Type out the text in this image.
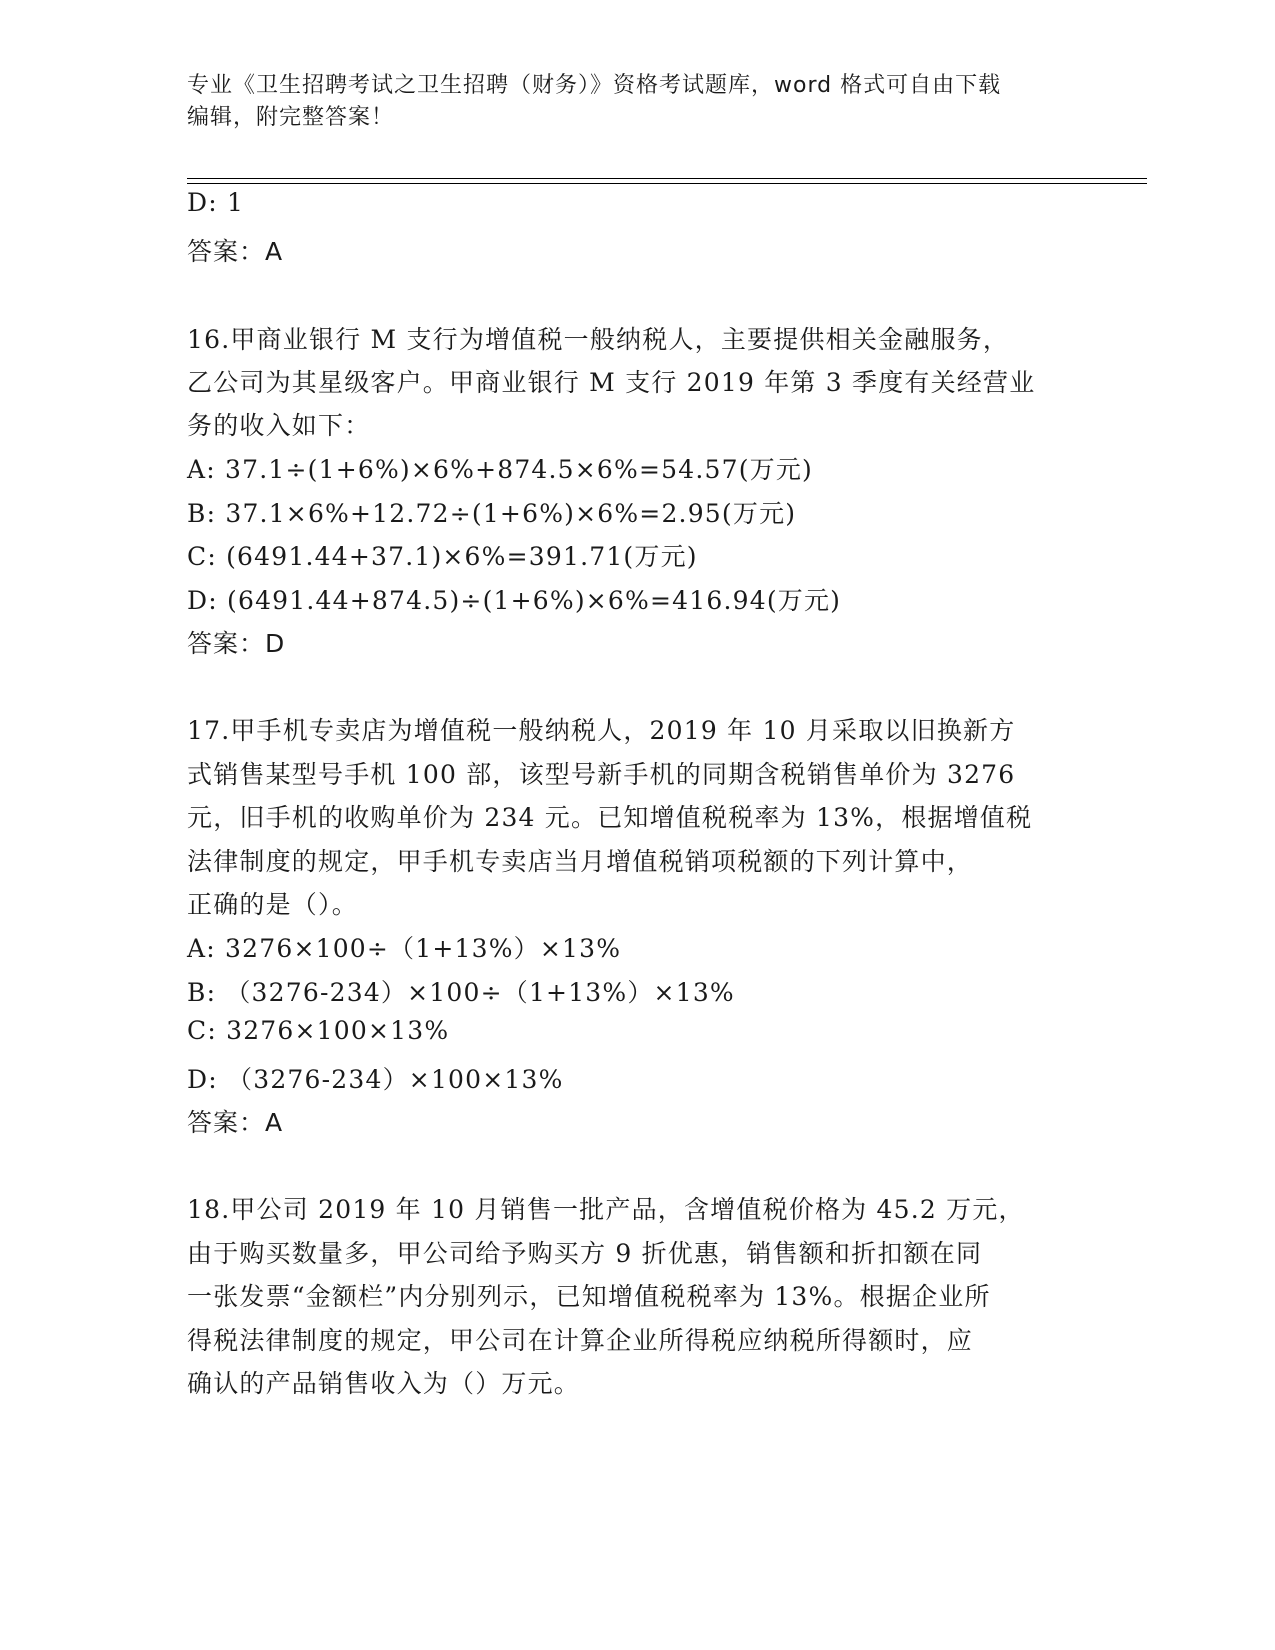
专业《卫生招聘考试之卫生招聘（财务）》资格考试题库，word 格式可自由下载
编辑，附完整答案！
D: 1
答案：A
16.甲商业银行 M 支行为增值税一般纳税人，主要提供相关金融服务，
乙公司为其星级客户。甲商业银行 M 支行 2019 年第 3 季度有关经营业
务的收入如下：
A: 37.1÷(1+6%)×6%+874.5×6%=54.57(万元)
B: 37.1×6%+12.72÷(1+6%)×6%=2.95(万元)
C: (6491.44+37.1)×6%=391.71(万元)
D: (6491.44+874.5)÷(1+6%)×6%=416.94(万元)
答案：D
17.甲手机专卖店为增值税一般纳税人，2019 年 10 月采取以旧换新方
式销售某型号手机 100 部，该型号新手机的同期含税销售单价为 3276
元，旧手机的收购单价为 234 元。已知增值税税率为 13%，根据增值税
法律制度的规定，甲手机专卖店当月增值税销项税额的下列计算中，
正确的是（）。
A: 3276×100÷（1+13%）×13%
B: （3276-234）×100÷（1+13%）×13%
C: 3276×100×13%
D: （3276-234）×100×13%
答案：A
18.甲公司 2019 年 10 月销售一批产品，含增值税价格为 45.2 万元，
由于购买数量多，甲公司给予购买方 9 折优惠，销售额和折扣额在同
一张发票“金额栏”内分别列示，已知增值税税率为 13%。根据企业所
得税法律制度的规定，甲公司在计算企业所得税应纳税所得额时，应
确认的产品销售收入为（）万元。
